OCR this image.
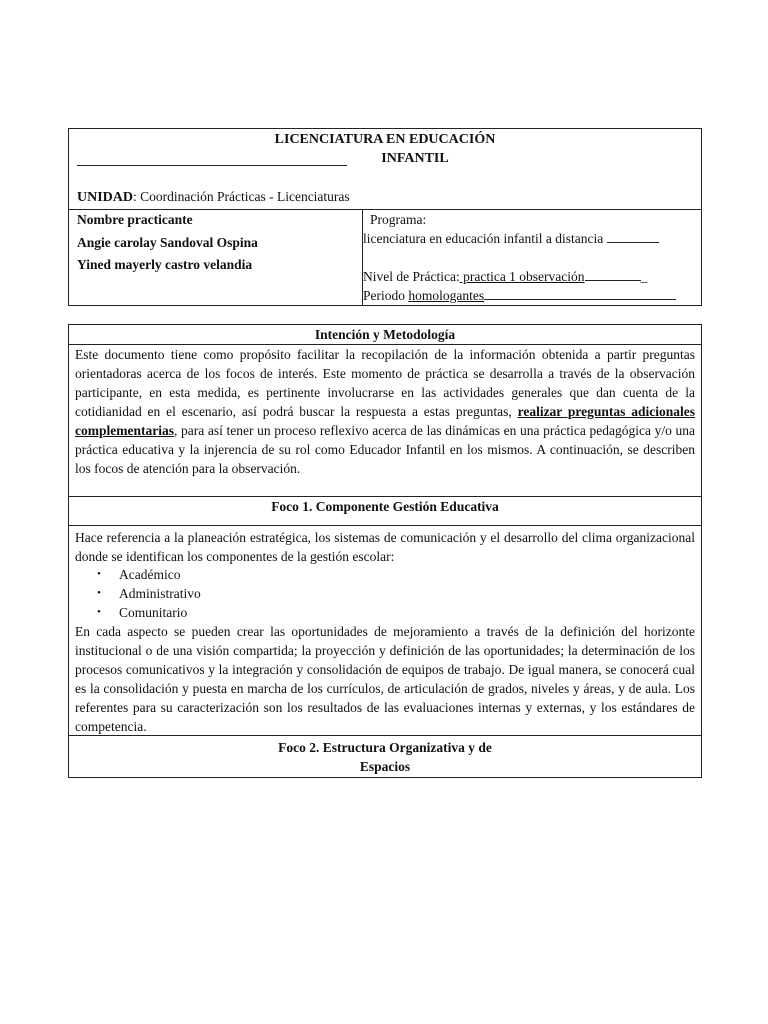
LICENCIATURA EN EDUCACIÓN
INFANTIL
UNIDAD: Coordinación Prácticas - Licenciaturas
Nombre practicante
Angie carolay Sandoval Ospina
Yined mayerly castro velandia
Programa:
licenciatura en educación infantil a distancia
Nivel de Práctica: practica 1 observación	_
Periodo homologantes
Intención y Metodología

Este documento tiene como propósito facilitar la recopilación de la información obtenida a partir preguntas orientadoras acerca de los focos de interés. Este momento de práctica se desarrolla a través de la observación participante, en esta medida, es pertinente involucrarse en las actividades generales que dan cuenta de la cotidianidad en el escenario, así podrá buscar la respuesta a estas preguntas, realizar preguntas adicionales complementarias, para así tener un proceso reflexivo acerca de las dinámicas en una práctica pedagógica y/o una práctica educativa y la injerencia de su rol como Educador Infantil en los mismos. A continuación, se describen los focos de atención para la observación.

Foco 1. Componente Gestión Educativa

Hace referencia a la planeación estratégica, los sistemas de comunicación y el desarrollo del clima organizacional donde se identifican los componentes de la gestión escolar:

• Académico
• Administrativo
• Comunitario

En cada aspecto se pueden crear las oportunidades de mejoramiento a través de la definición del horizonte institucional o de una visión compartida; la proyección y definición de las oportunidades; la determinación de los procesos comunicativos y la integración y consolidación de equipos de trabajo. De igual manera, se conocerá cual es la consolidación y puesta en marcha de los currículos, de articulación de grados, niveles y áreas, y de aula. Los referentes para su caracterización son los resultados de las evaluaciones internas y externas, y los estándares de competencia.

Foco 2. Estructura Organizativa y de
Espacios
